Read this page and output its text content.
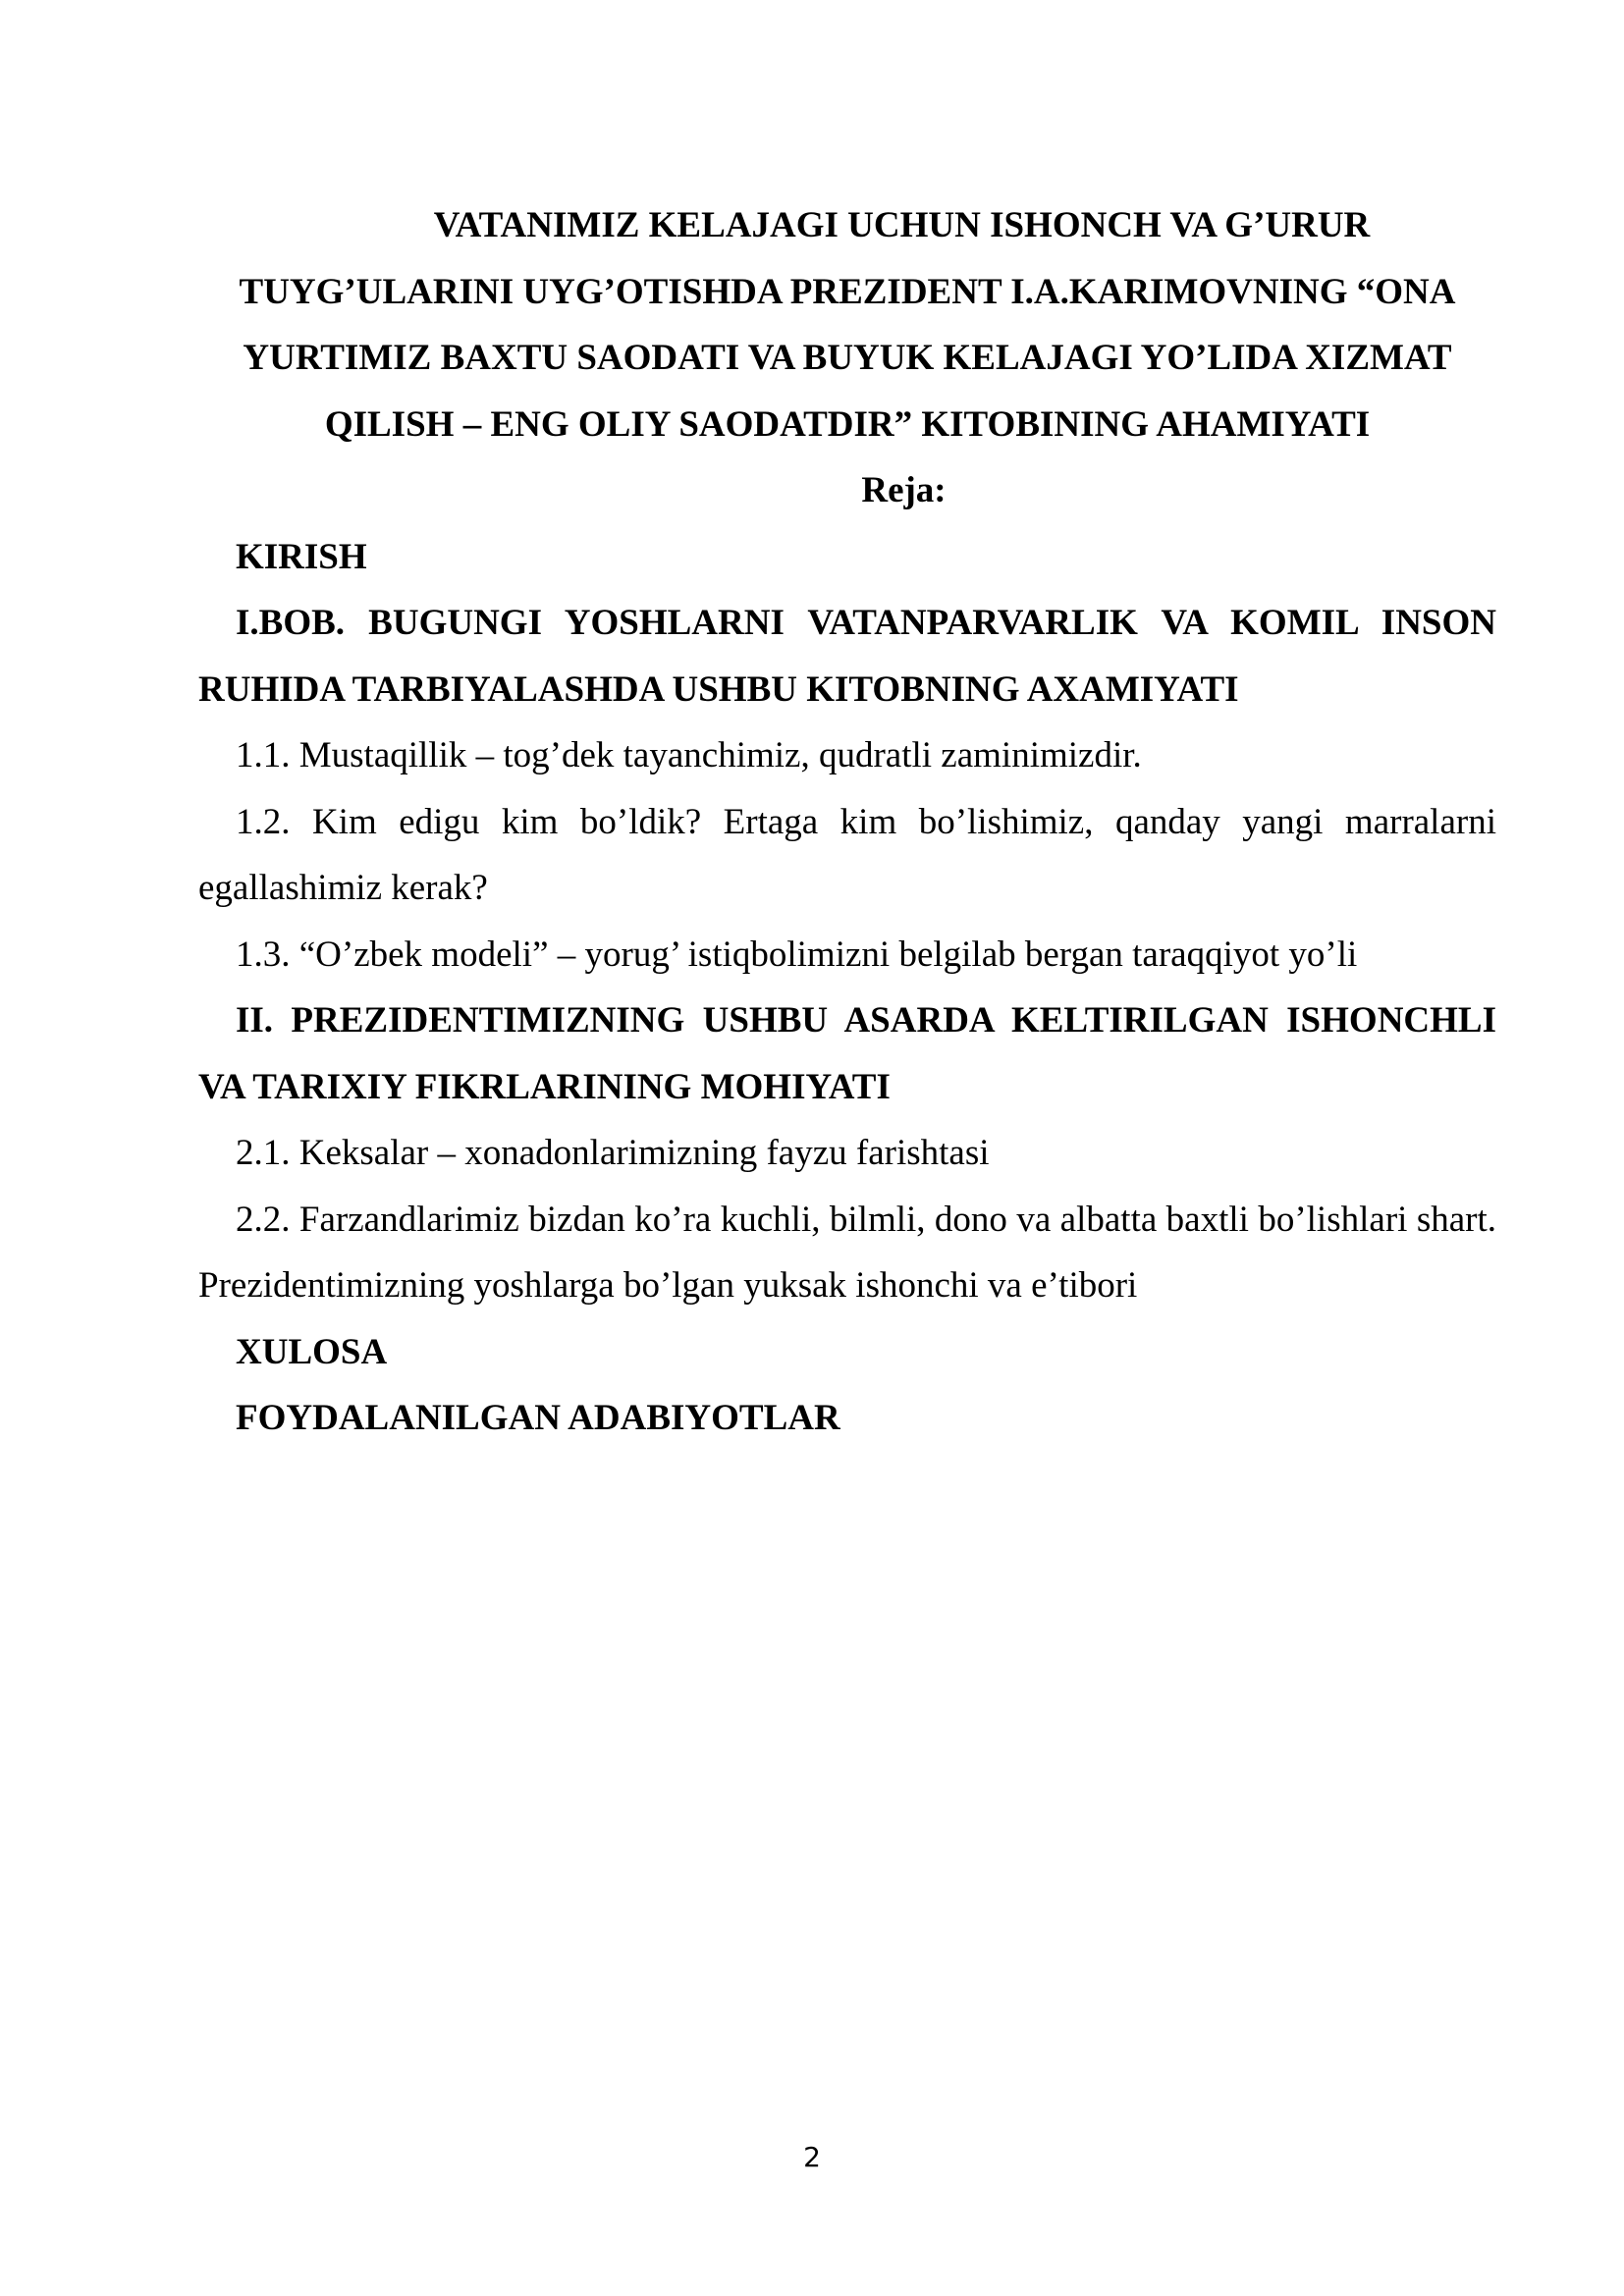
VATANIMIZ KELAJAGI UCHUN ISHONCH VA G’URUR
TUYG’ULARINI UYG’OTISHDA PREZIDENT I.A.KARIMOVNING “ONA
YURTIMIZ BAXTU SAODATI VA BUYUK KELAJAGI YO’LIDA XIZMAT
QILISH – ENG OLIY SAODATDIR” KITOBINING AHAMIYATI

Reja:

KIRISH

I.BOB. BUGUNGI YOSHLARNI VATANPARVARLIK VA KOMIL INSON RUHIDA TARBIYALASHDA USHBU KITOBNING AXAMIYATI

1.1. Mustaqillik – tog’dek tayanchimiz, qudratli zaminimizdir.

1.2. Kim edigu kim bo’ldik? Ertaga kim bo’lishimiz, qanday yangi marralarni egallashimiz kerak?

1.3. “O’zbek modeli” – yorug’ istiqbolimizni belgilab bergan taraqqiyot yo’li

II. PREZIDENTIMIZNING USHBU ASARDA KELTIRILGAN ISHONCHLI VA TARIXIY FIKRLARINING MOHIYATI

2.1. Keksalar – xonadonlarimizning fayzu farishtasi

2.2. Farzandlarimiz bizdan ko’ra kuchli, bilmli, dono va albatta baxtli bo’lishlari shart. Prezidentimizning yoshlarga bo’lgan yuksak ishonchi va e’tibori

XULOSA

FOYDALANILGAN ADABIYOTLAR

2
